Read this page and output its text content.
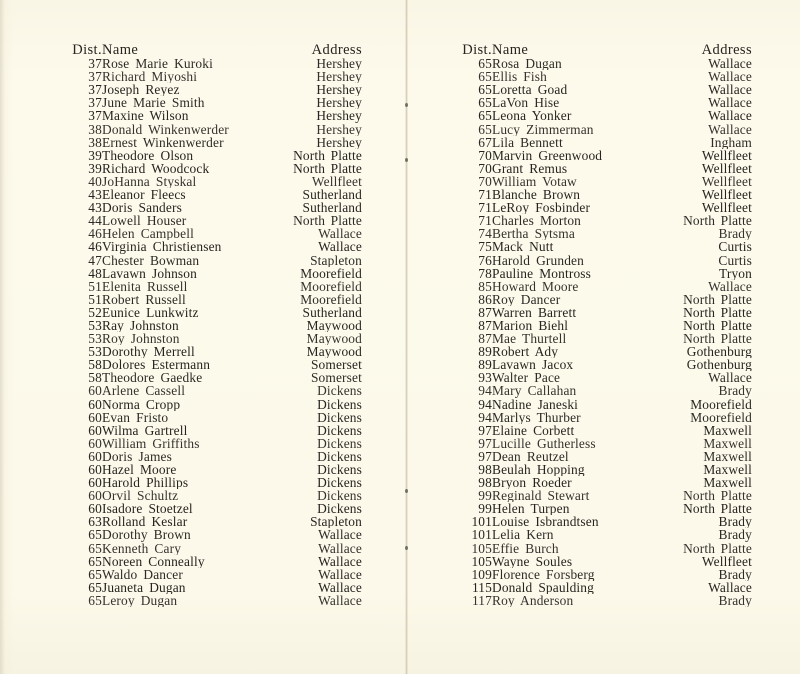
Dist.	Name	Address
37	Rose Marie Kuroki	Hershey
37	Richard Miyoshi	Hershey
37	Joseph Reyez	Hershey
37	June Marie Smith	Hershey
37	Maxine Wilson	Hershey
38	Donald Winkenwerder	Hershey
38	Ernest Winkenwerder	Hershey
39	Theodore Olson	North Platte
39	Richard Woodcock	North Platte
40	JoHanna Styskal	Wellfleet
43	Eleanor Fleecs	Sutherland
43	Doris Sanders	Sutherland
44	Lowell Houser	North Platte
46	Helen Campbell	Wallace
46	Virginia Christiensen	Wallace
47	Chester Bowman	Stapleton
48	Lavawn Johnson	Moorefield
51	Elenita Russell	Moorefield
51	Robert Russell	Moorefield
52	Eunice Lunkwitz	Sutherland
53	Ray Johnston	Maywood
53	Roy Johnston	Maywood
53	Dorothy Merrell	Maywood
58	Dolores Estermann	Somerset
58	Theodore Gaedke	Somerset
60	Arlene Cassell	Dickens
60	Norma Cropp	Dickens
60	Evan Fristo	Dickens
60	Wilma Gartrell	Dickens
60	William Griffiths	Dickens
60	Doris James	Dickens
60	Hazel Moore	Dickens
60	Harold Phillips	Dickens
60	Orvil Schultz	Dickens
60	Isadore Stoetzel	Dickens
63	Rolland Keslar	Stapleton
65	Dorothy Brown	Wallace
65	Kenneth Cary	Wallace
65	Noreen Conneally	Wallace
65	Waldo Dancer	Wallace
65	Juaneta Dugan	Wallace
65	Leroy Dugan	Wallace
Dist.	Name	Address
65	Rosa Dugan	Wallace
65	Ellis Fish	Wallace
65	Loretta Goad	Wallace
65	LaVon Hise	Wallace
65	Leona Yonker	Wallace
65	Lucy Zimmerman	Wallace
67	Lila Bennett	Ingham
70	Marvin Greenwood	Wellfleet
70	Grant Remus	Wellfleet
70	William Votaw	Wellfleet
71	Blanche Brown	Wellfleet
71	LeRoy Fosbinder	Wellfleet
71	Charles Morton	North Platte
74	Bertha Sytsma	Brady
75	Mack Nutt	Curtis
76	Harold Grunden	Curtis
78	Pauline Montross	Tryon
85	Howard Moore	Wallace
86	Roy Dancer	North Platte
87	Warren Barrett	North Platte
87	Marion Biehl	North Platte
87	Mae Thurtell	North Platte
89	Robert Ady	Gothenburg
89	Lavawn Jacox	Gothenburg
93	Walter Pace	Wallace
94	Mary Callahan	Brady
94	Nadine Janeski	Moorefield
94	Marlys Thurber	Moorefield
97	Elaine Corbett	Maxwell
97	Lucille Gutherless	Maxwell
97	Dean Reutzel	Maxwell
98	Beulah Hopping	Maxwell
98	Bryon Roeder	Maxwell
99	Reginald Stewart	North Platte
99	Helen Turpen	North Platte
101	Louise Isbrandtsen	Brady
101	Lelia Kern	Brady
105	Effie Burch	North Platte
105	Wayne Soules	Wellfleet
109	Florence Forsberg	Brady
115	Donald Spaulding	Wallace
117	Roy Anderson	Brady
